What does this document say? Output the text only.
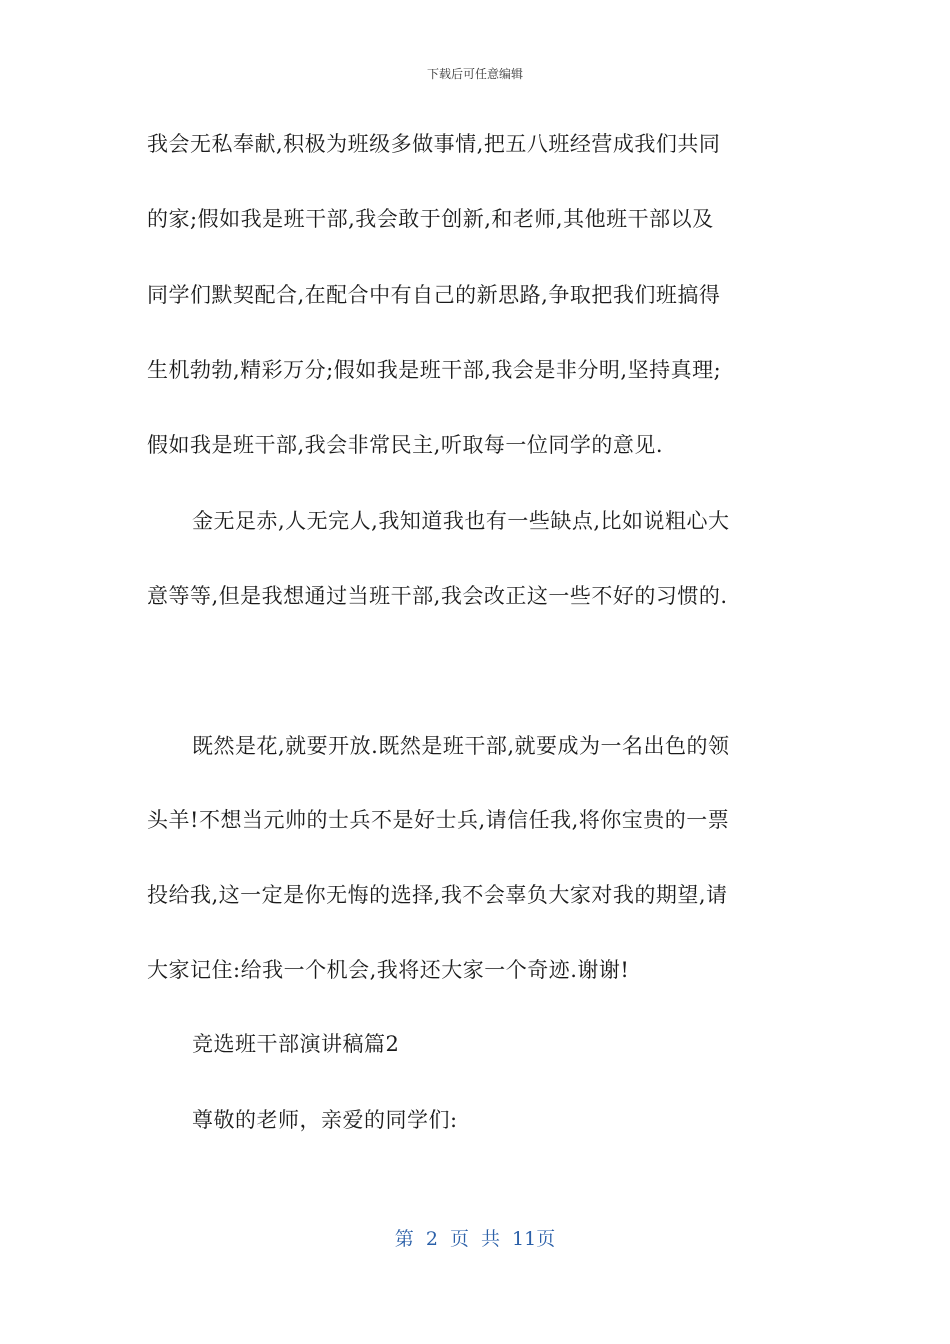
下载后可任意编辑
我会无私奉献,积极为班级多做事情,把五八班经营成我们共同
的家;假如我是班干部,我会敢于创新,和老师,其他班干部以及
同学们默契配合,在配合中有自己的新思路,争取把我们班搞得
生机勃勃,精彩万分;假如我是班干部,我会是非分明,坚持真理;
假如我是班干部,我会非常民主,听取每一位同学的意见.
金无足赤,人无完人,我知道我也有一些缺点,比如说粗心大
意等等,但是我想通过当班干部,我会改正这一些不好的习惯的.
既然是花,就要开放.既然是班干部,就要成为一名出色的领
头羊!不想当元帅的士兵不是好士兵,请信任我,将你宝贵的一票
投给我,这一定是你无悔的选择,我不会辜负大家对我的期望,请
大家记住:给我一个机会,我将还大家一个奇迹.谢谢!
竞选班干部演讲稿篇2
尊敬的老师，亲爱的同学们:
第 2 页 共 11页
